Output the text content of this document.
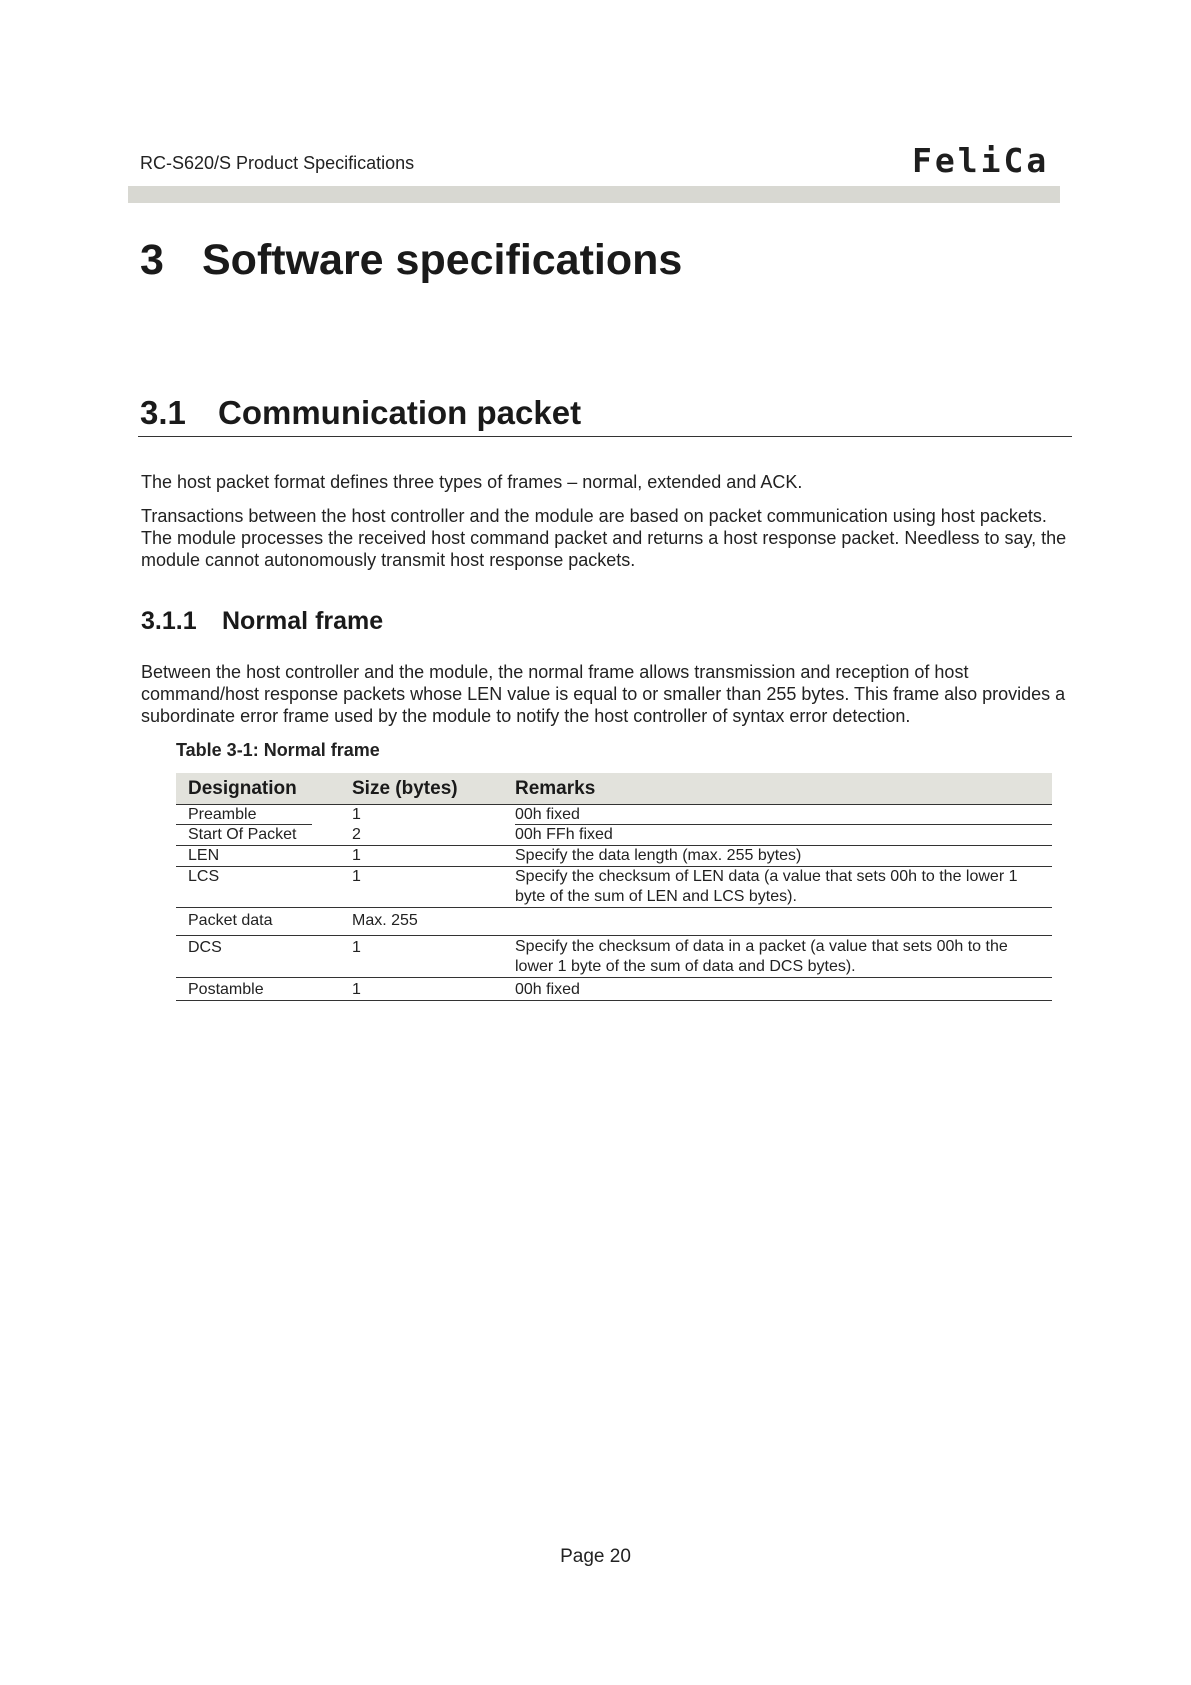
RC-S620/S Product Specifications	FeliCa
3 Software specifications
3.1 Communication packet

The host packet format defines three types of frames – normal, extended and ACK.

Transactions between the host controller and the module are based on packet communication using host packets. The module processes the received host command packet and returns a host response packet. Needless to say, the module cannot autonomously transmit host response packets.

3.1.1 Normal frame

Between the host controller and the module, the normal frame allows transmission and reception of host command/host response packets whose LEN value is equal to or smaller than 255 bytes. This frame also provides a subordinate error frame used by the module to notify the host controller of syntax error detection.

Table 3-1: Normal frame
Designation	Size (bytes)	Remarks
Preamble	1	00h fixed
Start Of Packet	2	00h FFh fixed
LEN	1	Specify the data length (max. 255 bytes)
LCS	1	Specify the checksum of LEN data (a value that sets 00h to the lower 1 byte of the sum of LEN and LCS bytes).
Packet data	Max. 255
DCS	1	Specify the checksum of data in a packet (a value that sets 00h to the lower 1 byte of the sum of data and DCS bytes).
Postamble	1	00h fixed
Page 20
